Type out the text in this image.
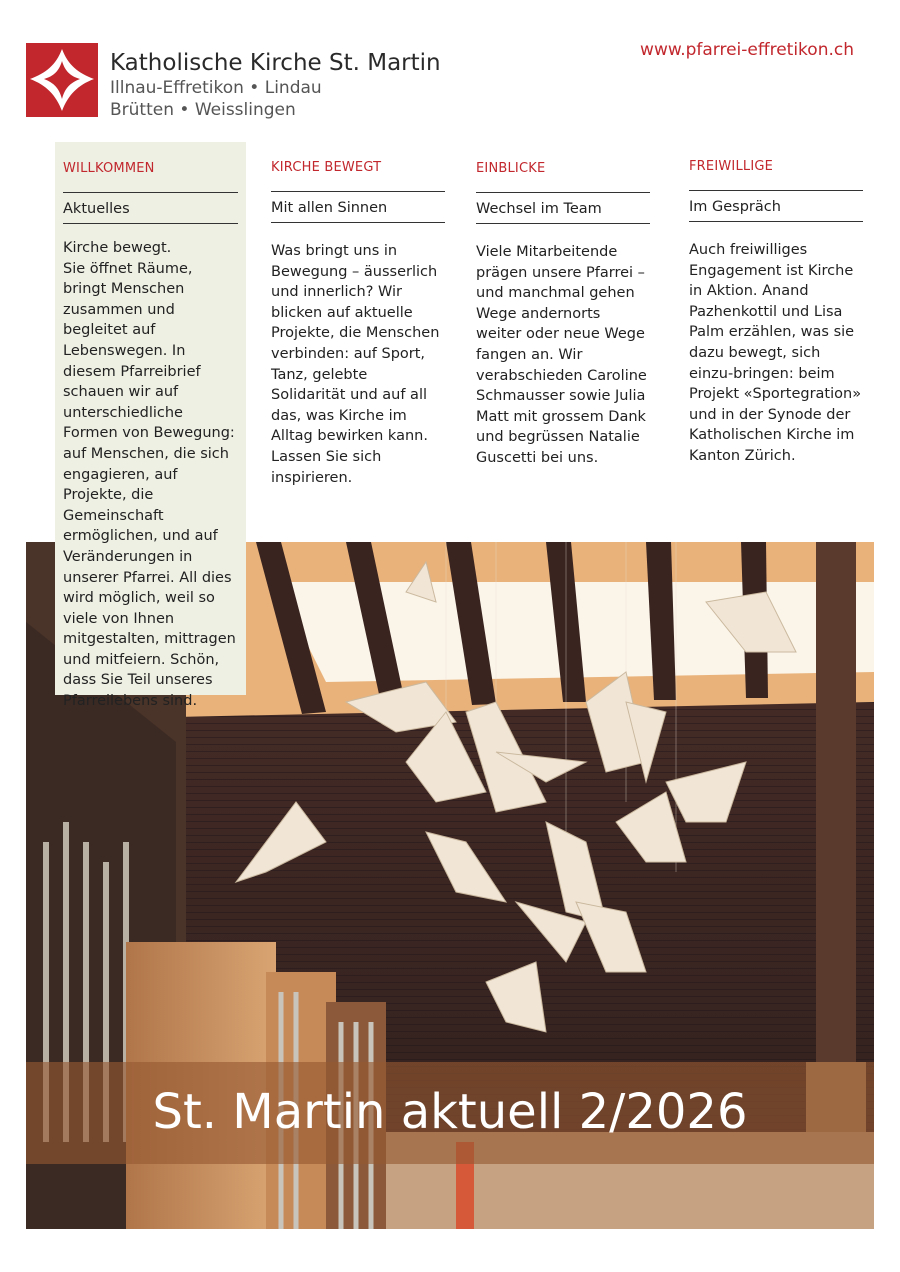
Katholische Kirche St. Martin
Illnau-Effretikon • Lindau
Brütten • Weisslingen
www.pfarrei-effretikon.ch
WILLKOMMEN
Aktuelles
Kirche bewegt.
Sie öffnet Räume, bringt Menschen zusammen und begleitet auf Lebenswegen. In diesem Pfarreibrief schauen wir auf unterschiedliche Formen von Bewegung: auf Menschen, die sich engagieren, auf Projekte, die Gemeinschaft ermöglichen, und auf Veränderungen in unserer Pfarrei. All dies wird möglich, weil so viele von Ihnen mitgestalten, mittragen und mitfeiern. Schön, dass Sie Teil unseres Pfarreilebens sind.
KIRCHE BEWEGT
Mit allen Sinnen
Was bringt uns in Bewegung – äusserlich und innerlich? Wir blicken auf aktuelle Projekte, die Menschen verbinden: auf Sport, Tanz, gelebte Solidarität und auf all das, was Kirche im Alltag bewirken kann. Lassen Sie sich inspirieren.
EINBLICKE
Wechsel im Team
Viele Mitarbeitende prägen unsere Pfarrei – und manchmal gehen Wege andernorts weiter oder neue Wege fangen an. Wir verabschieden Caroline Schmausser sowie Julia Matt mit grossem Dank und begrüssen Natalie Guscetti bei uns.
FREIWILLIGE
Im Gespräch
Auch freiwilliges Engagement ist Kirche in Aktion. Anand Pazhenkottil und Lisa Palm erzählen, was sie dazu bewegt, sich einzu-bringen: beim Projekt «Sportegration» und in der Synode der Katholischen Kirche im Kanton Zürich.
St. Martin aktuell 2/2026
